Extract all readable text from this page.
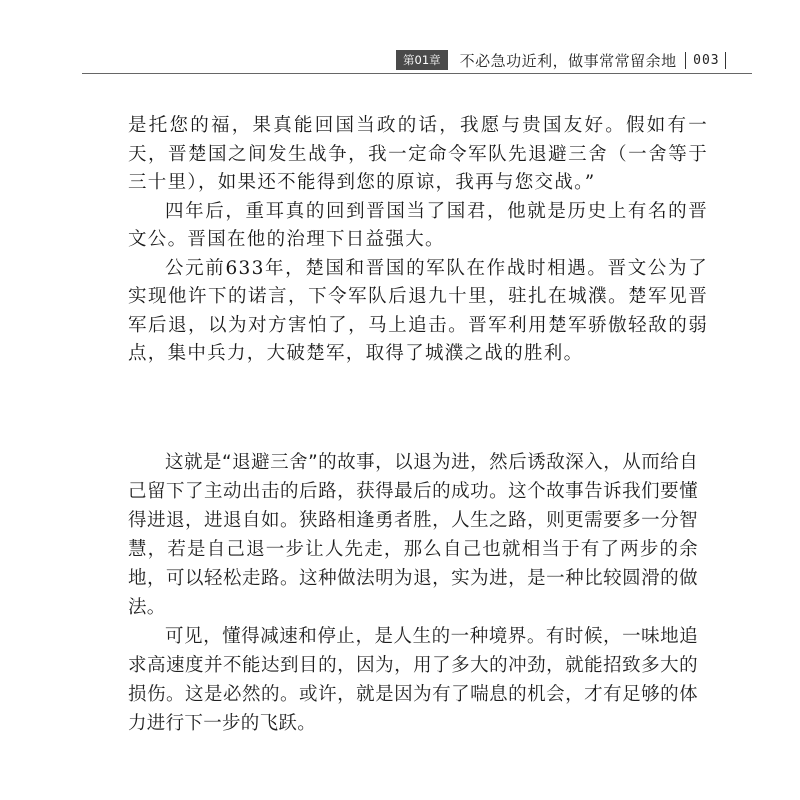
第01章	不必急功近利，做事常常留余地 003

是托您的福，果真能回国当政的话，我愿与贵国友好。假如有一天，晋楚国之间发生战争，我一定命令军队先退避三舍（一舍等于三十里），如果还不能得到您的原谅，我再与您交战。”

四年后，重耳真的回到晋国当了国君，他就是历史上有名的晋文公。晋国在他的治理下日益强大。

公元前633年，楚国和晋国的军队在作战时相遇。晋文公为了实现他许下的诺言，下令军队后退九十里，驻扎在城濮。楚军见晋军后退，以为对方害怕了，马上追击。晋军利用楚军骄傲轻敌的弱点，集中兵力，大破楚军，取得了城濮之战的胜利。

这就是“退避三舍”的故事，以退为进，然后诱敌深入，从而给自己留下了主动出击的后路，获得最后的成功。这个故事告诉我们要懂得进退，进退自如。狭路相逢勇者胜，人生之路，则更需要多一分智慧，若是自己退一步让人先走，那么自己也就相当于有了两步的余地，可以轻松走路。这种做法明为退，实为进，是一种比较圆滑的做法。

可见，懂得减速和停止，是人生的一种境界。有时候，一味地追求高速度并不能达到目的，因为，用了多大的冲劲，就能招致多大的损伤。这是必然的。或许，就是因为有了喘息的机会，才有足够的体力进行下一步的飞跃。
